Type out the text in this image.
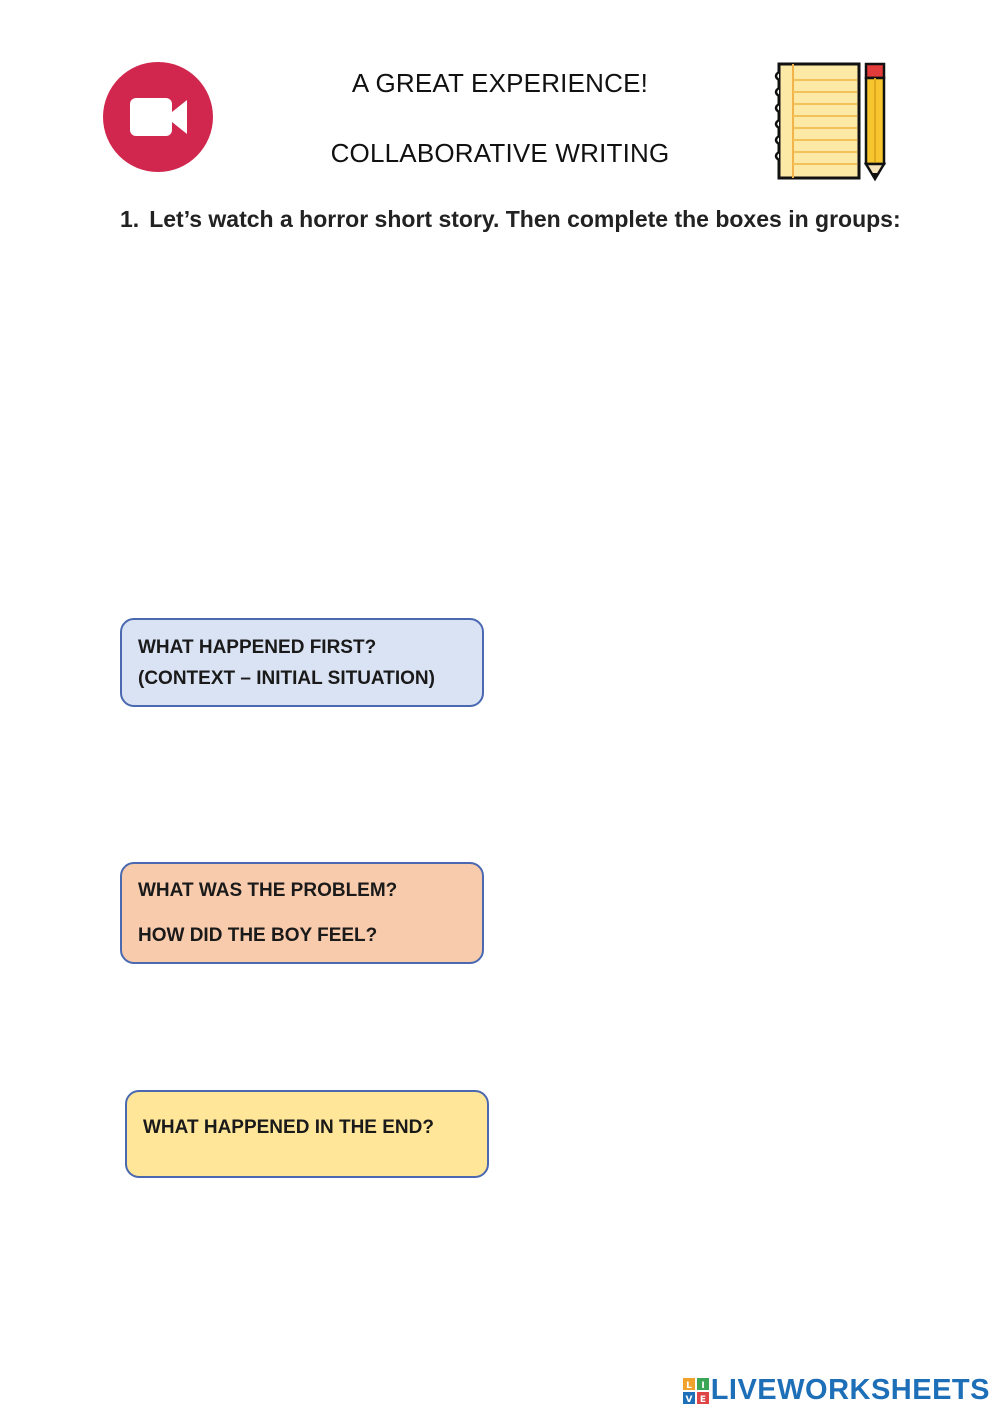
A GREAT EXPERIENCE!
COLLABORATIVE WRITING
1. Let’s watch a horror short story. Then complete the boxes in groups:
WHAT HAPPENED FIRST?
(CONTEXT – INITIAL SITUATION)
WHAT WAS THE PROBLEM?
HOW DID THE BOY FEEL?
WHAT HAPPENED IN THE END?
L I
V E LIVEWORKSHEETS
